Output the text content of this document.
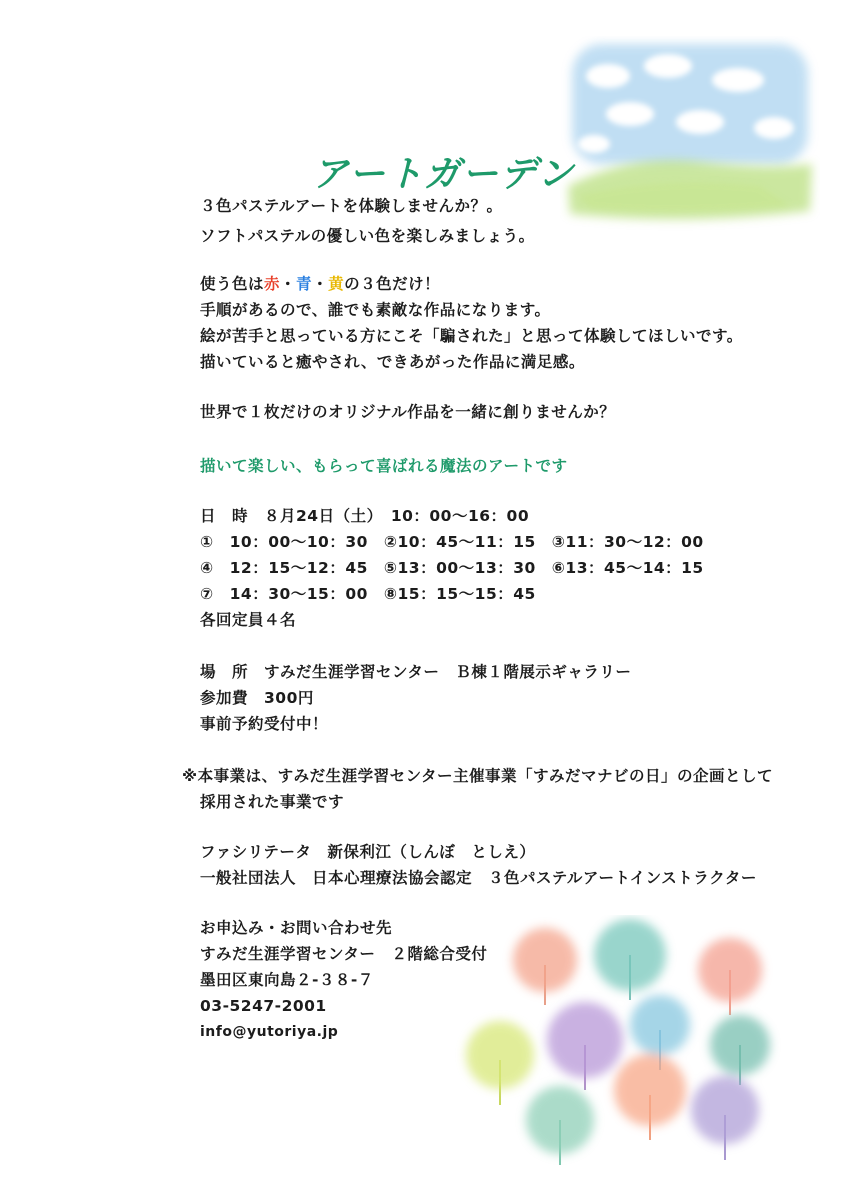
アートガーデン
３色パステルアートを体験しませんか？。
ソフトパステルの優しい色を楽しみましょう。
使う色は赤・青・黄の３色だけ！
手順があるので、誰でも素敵な作品になります。
絵が苦手と思っている方にこそ「騙された」と思って体験してほしいです。
描いていると癒やされ、できあがった作品に満足感。
世界で１枚だけのオリジナル作品を一緒に創りませんか？
描いて楽しい、もらって喜ばれる魔法のアートです
日　時　８月24日（土）　10：00～16：00
①　10：00～10：30　②10：45～11：15　③11：30～12：00
④　12：15～12：45　⑤13：00～13：30　⑥13：45～14：15
⑦　14：30～15：00　⑧15：15～15：45
各回定員４名
場　所　すみだ生涯学習センター　Ｂ棟１階展示ギャラリー
参加費　300円
事前予約受付中！
※本事業は、すみだ生涯学習センター主催事業「すみだマナビの日」の企画として
採用された事業です
ファシリテータ　新保利江（しんぼ　としえ）
一般社団法人　日本心理療法協会認定　３色パステルアートインストラクター
お申込み・お問い合わせ先
すみだ生涯学習センター　２階総合受付
墨田区東向島２-３８-７
03-5247-2001
info@yutoriya.jp
